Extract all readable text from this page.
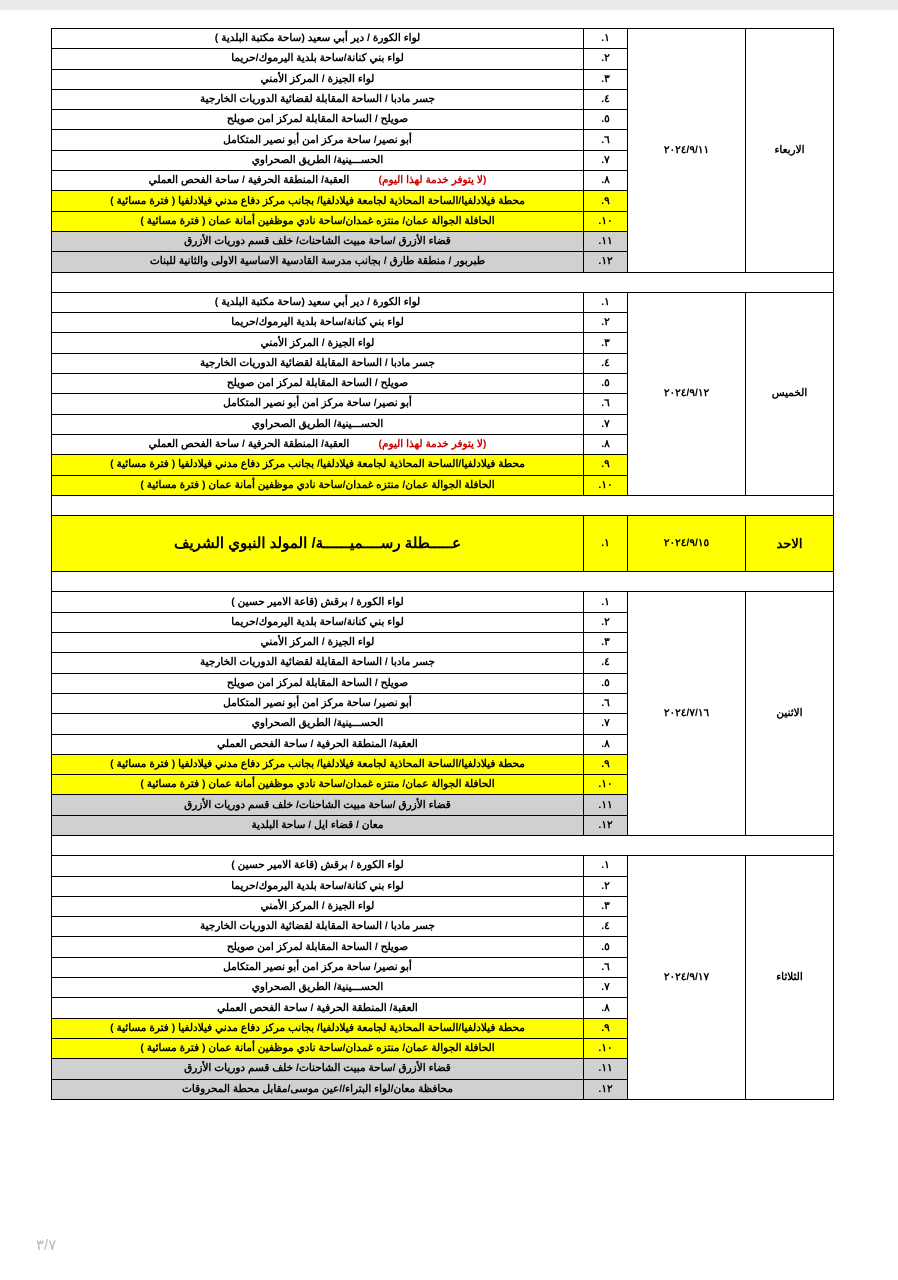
الاربعاء	٢٠٢٤/٩/١١	١.	لواء الكورة / دير أبي سعيد (ساحة مكتبة البلدية )
		٢.	لواء بني كنانة/ساحة بلدية اليرموك/حريما
		٣.	لواء الجيزة / المركز الأمني
		٤.	جسر مادبا / الساحة المقابلة لقضائية الدوريات الخارجية
		٥.	صويلح / الساحة المقابلة لمركز امن صويلح
		٦.	أبو نصير/ ساحة مركز امن أبو نصير المتكامل
		٧.	الحســـينية/ الطريق الصحراوي
		٨.	(لا يتوفر خدمة لهذا اليوم)          العقبة/ المنطقة الحرفية / ساحة الفحص العملي
		٩.	محطة فيلادلفيا/الساحة المحاذية لجامعة فيلادلفيا/ بجانب مركز دفاع مدني فيلادلفيا ( فترة مسائية )
		١٠.	الحافلة الجوالة عمان/ منتزه غمدان/ساحة نادي موظفين أمانة عمان ( فترة مسائية )
		١١.	قضاء الأزرق /ساحة مبيت الشاحنات/ خلف قسم دوريات الأزرق
		١٢.	طبربور / منطقة طارق / بجانب مدرسة القادسية الاساسية الاولى والثانية للبنات

الخميس	٢٠٢٤/٩/١٢	١.	لواء الكورة / دير أبي سعيد (ساحة مكتبة البلدية )
		٢.	لواء بني كنانة/ساحة بلدية اليرموك/حريما
		٣.	لواء الجيزة / المركز الأمني
		٤.	جسر مادبا / الساحة المقابلة لقضائية الدوريات الخارجية
		٥.	صويلح / الساحة المقابلة لمركز امن صويلح
		٦.	أبو نصير/ ساحة مركز امن أبو نصير المتكامل
		٧.	الحســـينية/ الطريق الصحراوي
		٨.	(لا يتوفر خدمة لهذا اليوم)          العقبة/ المنطقة الحرفية / ساحة الفحص العملي
		٩.	محطة فيلادلفيا/الساحة المحاذية لجامعة فيلادلفيا/ بجانب مركز دفاع مدني فيلادلفيا ( فترة مسائية )
		١٠.	الحافلة الجوالة عمان/ منتزه غمدان/ساحة نادي موظفين أمانة عمان ( فترة مسائية )

الاحد	٢٠٢٤/٩/١٥	١.	عـــــطلة رســــميــــــة/ المولد النبوي الشريف

الاثنين	٢٠٢٤/٧/١٦	١.	لواء الكورة / برقش (قاعة الامير حسين )
		٢.	لواء بني كنانة/ساحة بلدية اليرموك/حريما
		٣.	لواء الجيزة / المركز الأمني
		٤.	جسر مادبا / الساحة المقابلة لقضائية الدوريات الخارجية
		٥.	صويلح / الساحة المقابلة لمركز امن صويلح
		٦.	أبو نصير/ ساحة مركز امن أبو نصير المتكامل
		٧.	الحســـينية/ الطريق الصحراوي
		٨.	العقبة/ المنطقة الحرفية / ساحة الفحص العملي
		٩.	محطة فيلادلفيا/الساحة المحاذية لجامعة فيلادلفيا/ بجانب مركز دفاع مدني فيلادلفيا ( فترة مسائية )
		١٠.	الحافلة الجوالة عمان/ منتزه غمدان/ساحة نادي موظفين أمانة عمان ( فترة مسائية )
		١١.	قضاء الأزرق /ساحة مبيت الشاحنات/ خلف قسم دوريات الأزرق
		١٢.	معان / قضاء ايل / ساحة البلدية

الثلاثاء	٢٠٢٤/٩/١٧	١.	لواء الكورة / برقش (قاعة الامير حسين )
		٢.	لواء بني كنانة/ساحة بلدية اليرموك/حريما
		٣.	لواء الجيزة / المركز الأمني
		٤.	جسر مادبا / الساحة المقابلة لقضائية الدوريات الخارجية
		٥.	صويلح / الساحة المقابلة لمركز امن صويلح
		٦.	أبو نصير/ ساحة مركز امن أبو نصير المتكامل
		٧.	الحســـينية/ الطريق الصحراوي
		٨.	العقبة/ المنطقة الحرفية / ساحة الفحص العملي
		٩.	محطة فيلادلفيا/الساحة المحاذية لجامعة فيلادلفيا/ بجانب مركز دفاع مدني فيلادلفيا ( فترة مسائية )
		١٠.	الحافلة الجوالة عمان/ منتزه غمدان/ساحة نادي موظفين أمانة عمان ( فترة مسائية )
		١١.	قضاء الأزرق /ساحة مبيت الشاحنات/ خلف قسم دوريات الأزرق
		١٢.	محافظة معان/لواء البتراء//عين موسى/مقابل محطة المحروقات
٣/٧
